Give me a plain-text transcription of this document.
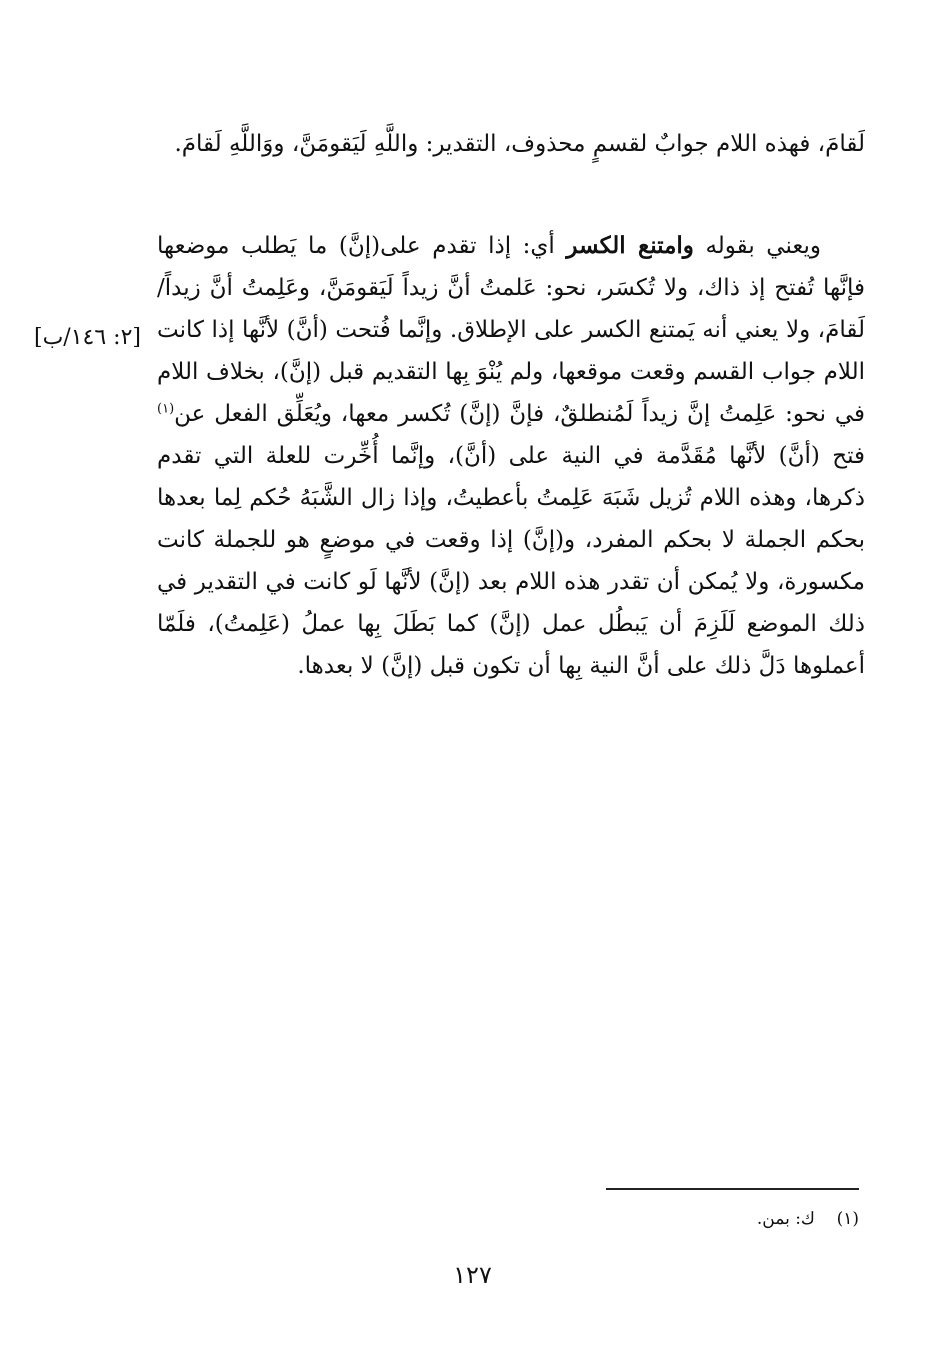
لَقامَ، فهذه اللام جوابٌ لقسمٍ محذوف، التقدير: واللَّهِ لَيَقومَنَّ، ووَاللَّهِ لَقامَ.

ويعني بقوله وامتنع الكسر أي: إذا تقدم على(إنَّ) ما يَطلب موضعها فإنَّها تُفتح إذ ذاك، ولا تُكسَر، نحو: عَلمتُ أنَّ زيداً لَيَقومَنَّ، وعَلِمتُ أنَّ زيداً/ لَقامَ، ولا يعني أنه يَمتنع الكسر على الإطلاق. وإنَّما فُتحت (أنَّ) لأنَّها إذا كانت اللام جواب القسم وقعت موقعها، ولم يُنْوَ بِها التقديم قبل (إنَّ)، بخلاف اللام في نحو: عَلِمتُ إنَّ زيداً لَمُنطلقٌ، فإنَّ (إنَّ) تُكسر معها، ويُعَلِّق الفعل عن$^{(١)}$ فتح (أنَّ) لأنَّها مُقَدَّمة في النية على (أنَّ)، وإنَّما أُخِّرت للعلة التي تقدم ذكرها، وهذه اللام تُزيل شَبَهَ عَلِمتُ بأعطيتُ، وإذا زال الشَّبَهُ حُكم لِما بعدها بحكم الجملة لا بحكم المفرد، و(إنَّ) إذا وقعت في موضعٍ هو للجملة كانت مكسورة، ولا يُمكن أن تقدر هذه اللام بعد (إنَّ) لأنَّها لَو كانت في التقدير في ذلك الموضع لَلَزِمَ أن يَبطُل عمل (إنَّ) كما بَطَلَ بِها عملُ (عَلِمتُ)، فلَمّا أعملوها دَلَّ ذلك على أنَّ النية بِها أن تكون قبل (إنَّ) لا بعدها.

[٢: ١٤٦/ب]
(١)    ك: بمن.
١٢٧
